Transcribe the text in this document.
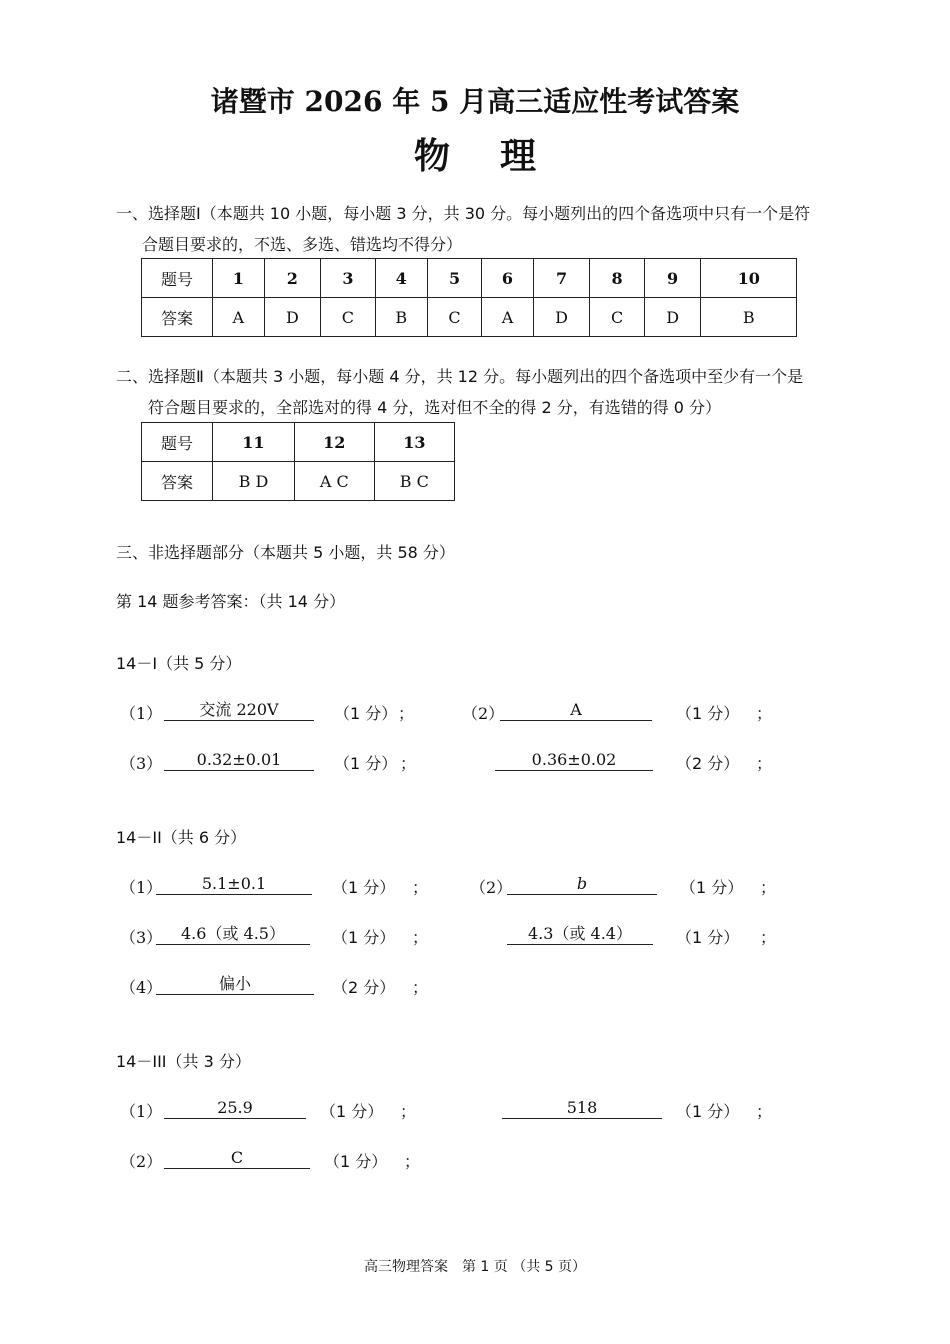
诸暨市 2026 年 5 月高三适应性考试答案
物 理
一、选择题Ⅰ（本题共 10 小题，每小题 3 分，共 30 分。每小题列出的四个备选项中只有一个是符
合题目要求的，不选、多选、错选均不得分）
题号	1	2	3	4	5	6	7	8	9	10
答案	A	D	C	B	C	A	D	C	D	B
二、选择题Ⅱ（本题共 3 小题，每小题 4 分，共 12 分。每小题列出的四个备选项中至少有一个是
符合题目要求的，全部选对的得 4 分，选对但不全的得 2 分，有选错的得 0 分）
题号	11	12	13
答案	B D	A C	B C
三、非选择题部分（本题共 5 小题，共 58 分）
第 14 题参考答案：（共 14 分）
14－I（共 5 分）
（1）	交流 220V	（1 分） ；	（2）	A	（1 分） ；
（3）	0.32±0.01	（1 分） ；	0.36±0.02	（2 分） ；
14－II（共 6 分）
（1）	5.1±0.1	（1 分） ；	（2）	b	（1 分） ；
（3）	4.6（或 4.5）	（1 分） ；	4.3（或 4.4）	（1 分） ；
（4）	偏小	（2 分） ；
14－III（共 3 分）
（1）	25.9	（1 分） ；	518	（1 分） ；
（2）	C	（1 分） ；
高三物理答案　第 1 页 （共 5 页）
